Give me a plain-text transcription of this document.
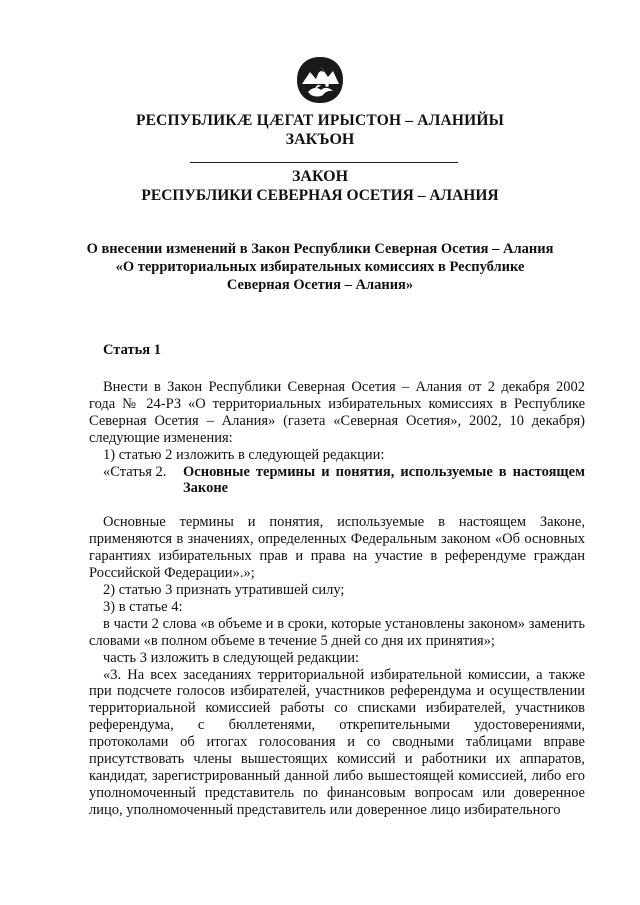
РЕСПУБЛИКӔ ЦӔГАТ ИРЫСТОН – АЛАНИЙЫ
ЗАКЪОН
ЗАКОН
РЕСПУБЛИКИ СЕВЕРНАЯ ОСЕТИЯ – АЛАНИЯ
О внесении изменений в Закон Республики Северная Осетия – Алания
«О территориальных избирательных комиссиях в Республике
Северная Осетия – Алания»
Статья 1

Внести в Закон Республики Северная Осетия – Алания от 2 декабря 2002 года № 24-РЗ «О территориальных избирательных комиссиях в Республике Северная Осетия – Алания» (газета «Северная Осетия», 2002, 10 декабря) следующие изменения:

1) статью 2 изложить в следующей редакции:

«Статья 2.	Основные термины и понятия, используемые в настоящем Законе

Основные термины и понятия, используемые в настоящем Законе, применяются в значениях, определенных Федеральным законом «Об основных гарантиях избирательных прав и права на участие в референдуме граждан Российской Федерации».»;

2) статью 3 признать утратившей силу;

3) в статье 4:

в части 2 слова «в объеме и в сроки, которые установлены законом» заменить словами «в полном объеме в течение 5 дней со дня их принятия»;

часть 3 изложить в следующей редакции:

«3. На всех заседаниях территориальной избирательной комиссии, а также при подсчете голосов избирателей, участников референдума и осуществлении территориальной комиссией работы со списками избирателей, участников референдума, с бюллетенями, открепительными удостоверениями, протоколами об итогах голосования и со сводными таблицами вправе присутствовать члены вышестоящих комиссий и работники их аппаратов, кандидат, зарегистрированный данной либо вышестоящей комиссией, либо его уполномоченный представитель по финансовым вопросам или доверенное лицо, уполномоченный представитель или доверенное лицо избирательного
